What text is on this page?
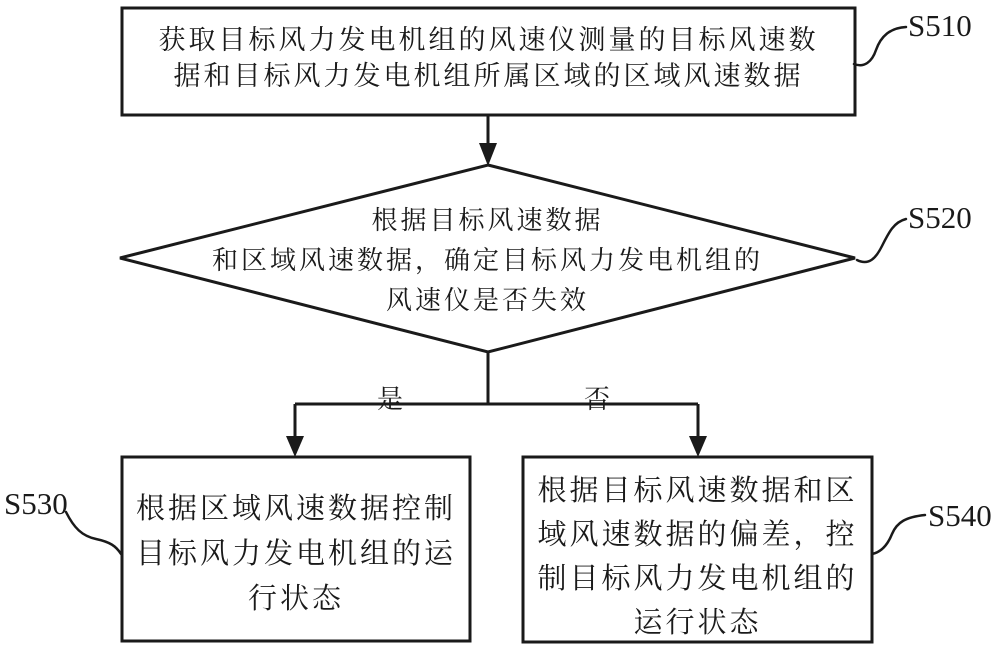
获取目标风力发电机组的风速仪测量的目标风速数
据和目标风力发电机组所属区域的区域风速数据
根据目标风速数据
和区域风速数据，确定目标风力发电机组的
风速仪是否失效
根据区域风速数据控制
目标风力发电机组的运
行状态
根据目标风速数据和区
域风速数据的偏差，控
制目标风力发电机组的
运行状态
是	否
S510
S520
S530	S540
